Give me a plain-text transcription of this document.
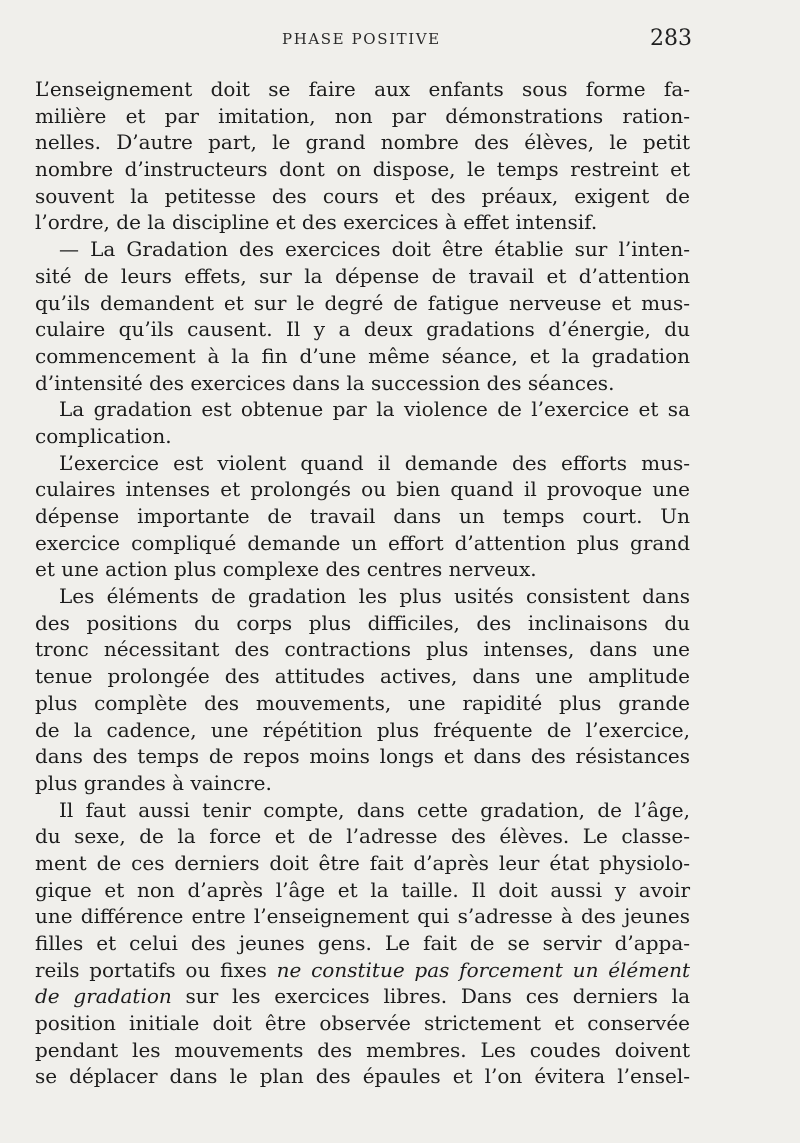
PHASE POSITIVE	283
L’enseignement doit se faire aux enfants sous forme fa-
milière et par imitation, non par démonstrations ration-
nelles. D’autre part, le grand nombre des élèves, le petit
nombre d’instructeurs dont on dispose, le temps restreint et
souvent la petitesse des cours et des préaux, exigent de
l’ordre, de la discipline et des exercices à effet intensif.
— La Gradation des exercices doit être établie sur l’inten-
sité de leurs effets, sur la dépense de travail et d’attention
qu’ils demandent et sur le degré de fatigue nerveuse et mus-
culaire qu’ils causent. Il y a deux gradations d’énergie, du
commencement à la fin d’une même séance, et la gradation
d’intensité des exercices dans la succession des séances.
La gradation est obtenue par la violence de l’exercice et sa
complication.
L’exercice est violent quand il demande des efforts mus-
culaires intenses et prolongés ou bien quand il provoque une
dépense importante de travail dans un temps court. Un
exercice compliqué demande un effort d’attention plus grand
et une action plus complexe des centres nerveux.
Les éléments de gradation les plus usités consistent dans
des positions du corps plus difficiles, des inclinaisons du
tronc nécessitant des contractions plus intenses, dans une
tenue prolongée des attitudes actives, dans une amplitude
plus complète des mouvements, une rapidité plus grande
de la cadence, une répétition plus fréquente de l’exercice,
dans des temps de repos moins longs et dans des résistances
plus grandes à vaincre.
Il faut aussi tenir compte, dans cette gradation, de l’âge,
du sexe, de la force et de l’adresse des élèves. Le classe-
ment de ces derniers doit être fait d’après leur état physiolo-
gique et non d’après l’âge et la taille. Il doit aussi y avoir
une différence entre l’enseignement qui s’adresse à des jeunes
filles et celui des jeunes gens. Le fait de se servir d’appa-
reils portatifs ou fixes ne constitue pas forcement un élément
de gradation sur les exercices libres. Dans ces derniers la
position initiale doit être observée strictement et conservée
pendant les mouvements des membres. Les coudes doivent
se déplacer dans le plan des épaules et l’on évitera l’ensel-
